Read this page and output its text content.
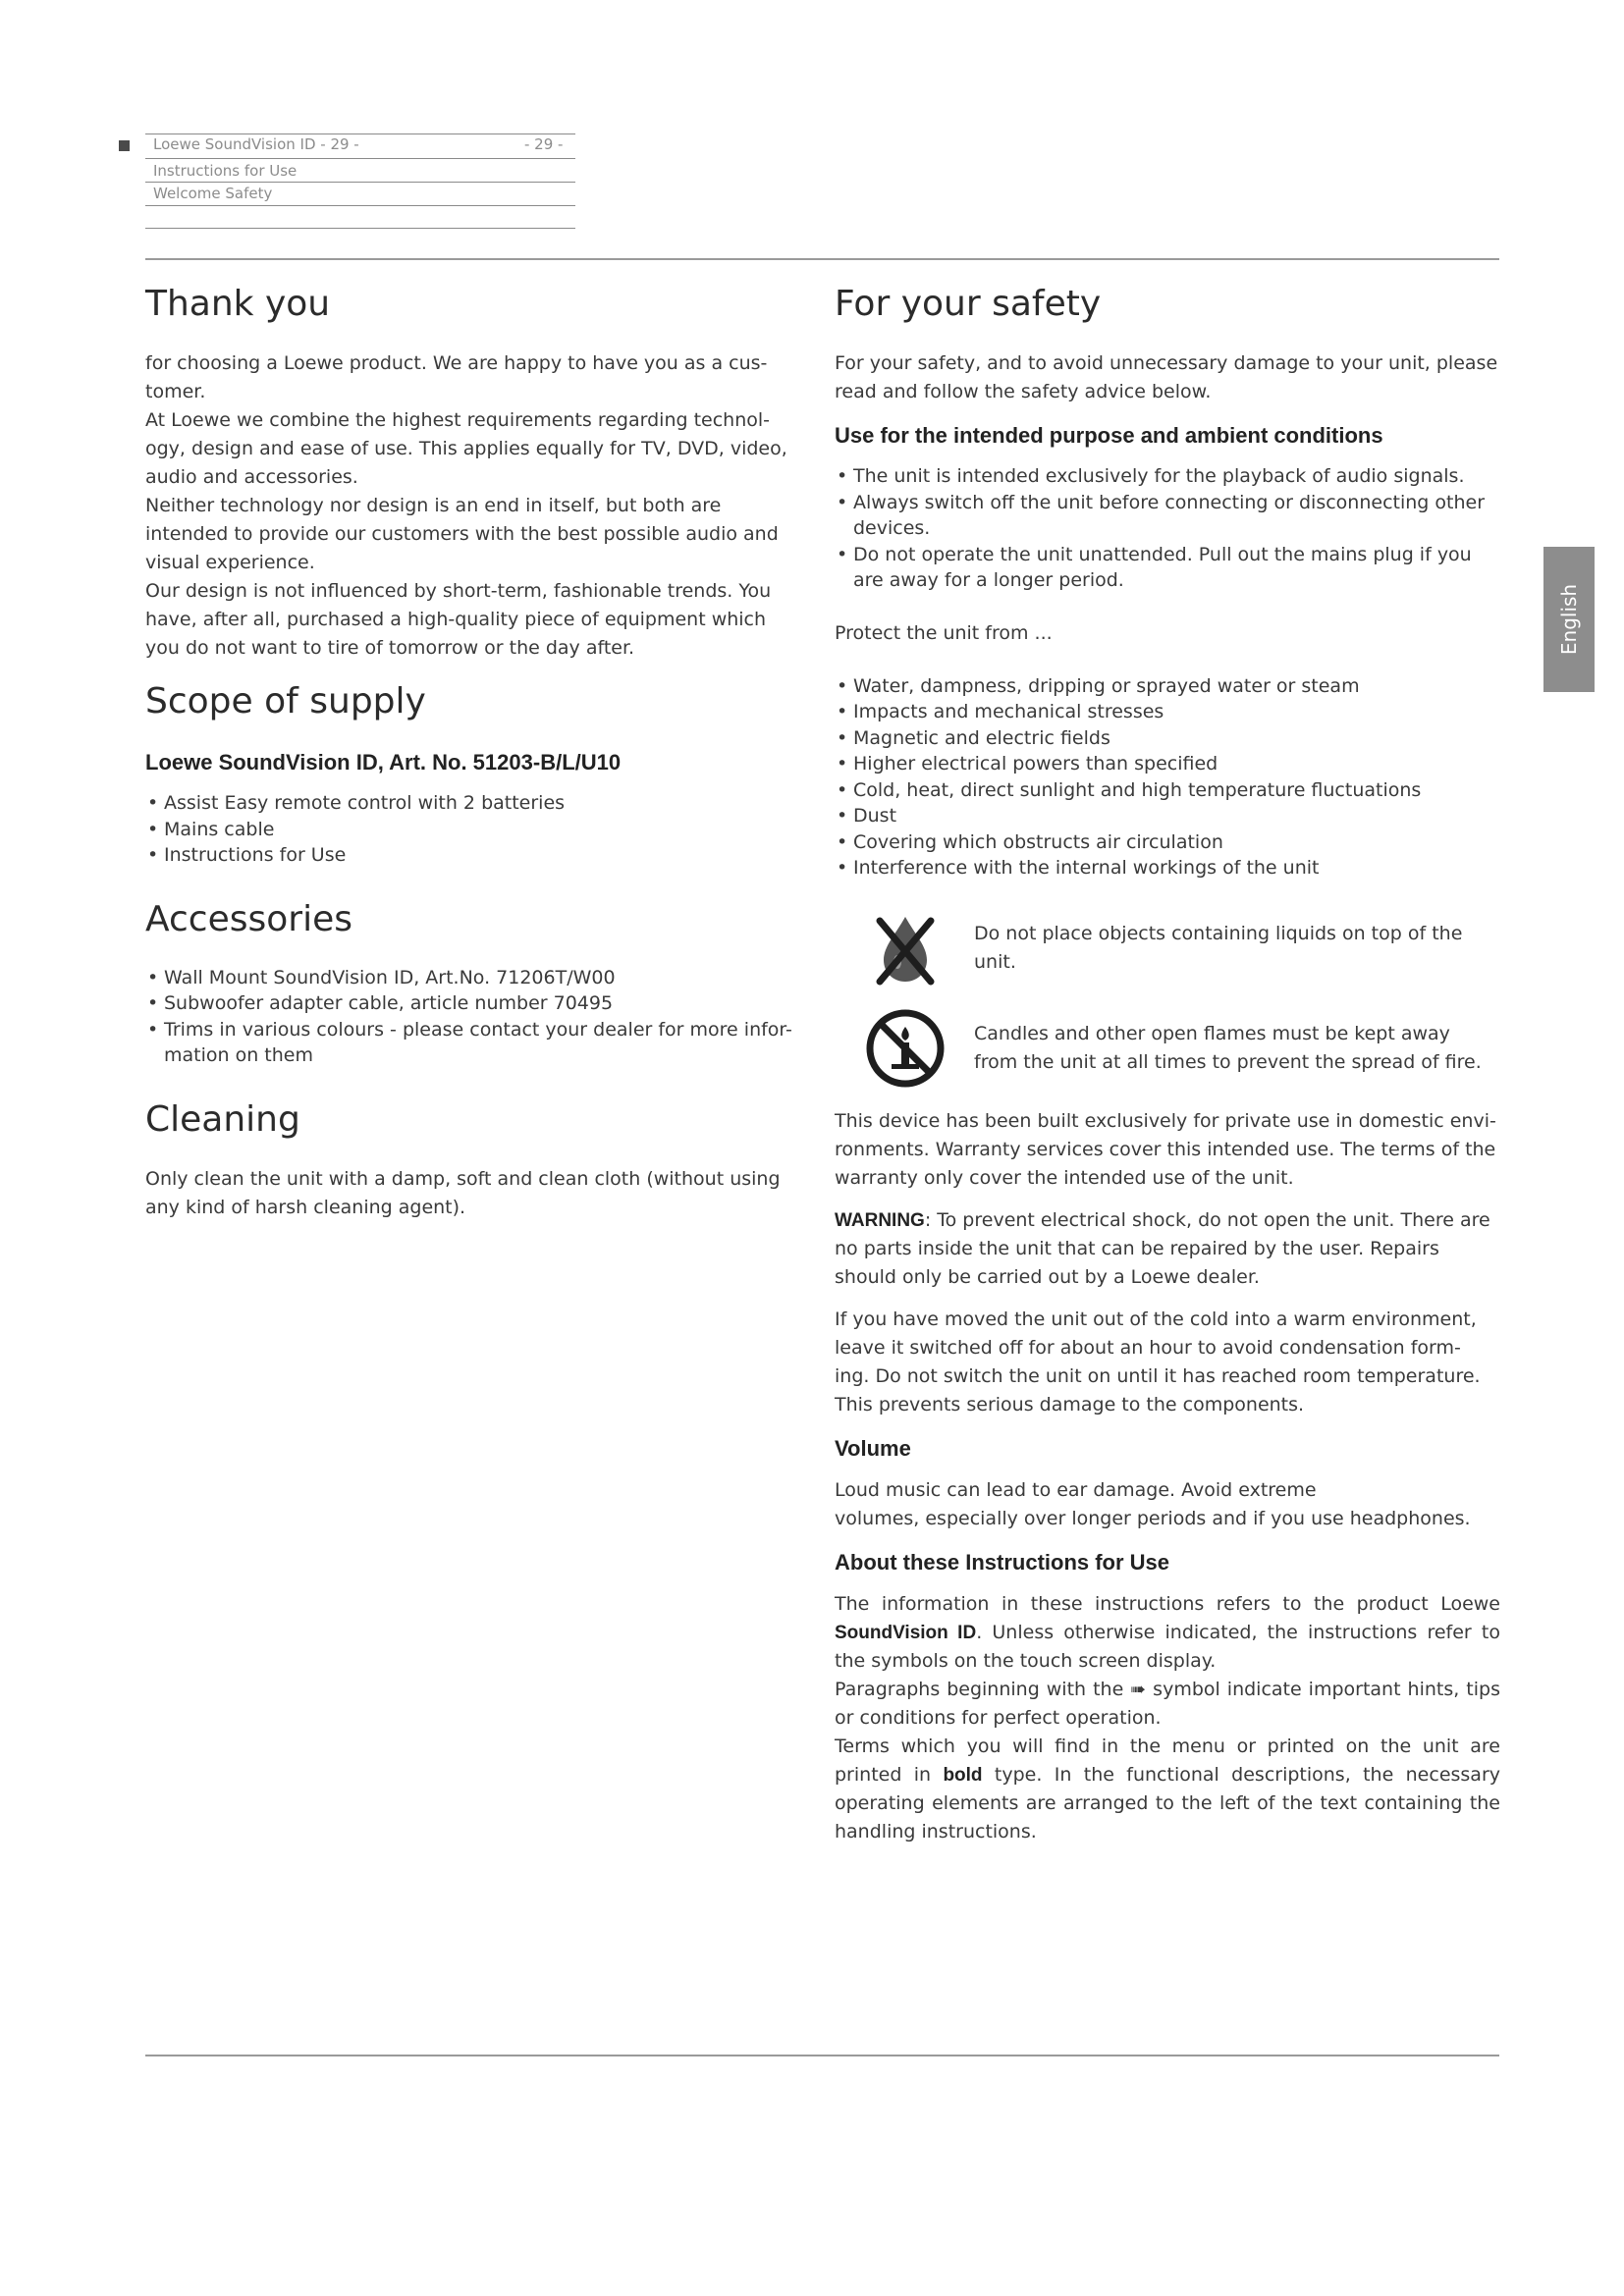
Loewe SoundVision ID - 29 -	- 29 -
Instructions for Use
Welcome Safety
English
Thank you

for choosing a Loewe product. We are happy to have you as a cus- tomer.

At Loewe we combine the highest requirements regarding technol- ogy, design and ease of use. This applies equally for TV, DVD, video, audio and accessories.

Neither technology nor design is an end in itself, but both are intended to provide our customers with the best possible audio and visual experience.

Our design is not influenced by short-term, fashionable trends. You have, after all, purchased a high-quality piece of equipment which you do not want to tire of tomorrow or the day after.

Scope of supply
Loewe SoundVision ID, Art. No. 51203-B/L/U10
• Assist Easy remote control with 2 batteries
• Mains cable
• Instructions for Use
Accessories
• Wall Mount SoundVision ID, Art.No. 71206T/W00
• Subwoofer adapter cable, article number 70495
• Trims in various colours - please contact your dealer for more infor- mation on them
Cleaning

Only clean the unit with a damp, soft and clean cloth (without using any kind of harsh cleaning agent).

For your safety

For your safety, and to avoid unnecessary damage to your unit, please read and follow the safety advice below.

Use for the intended purpose and ambient conditions
• The unit is intended exclusively for the playback of audio signals.
• Always switch off the unit before connecting or disconnecting other devices.
• Do not operate the unit unattended. Pull out the mains plug if you are away for a longer period.

Protect the unit from ...

• Water, dampness, dripping or sprayed water or steam
• Impacts and mechanical stresses
• Magnetic and electric fields
• Higher electrical powers than specified
• Cold, heat, direct sunlight and high temperature fluctuations
• Dust
• Covering which obstructs air circulation
• Interference with the internal workings of the unit

Do not place objects containing liquids on top of the unit.

Candles and other open flames must be kept away from the unit at all times to prevent the spread of fire.

This device has been built exclusively for private use in domestic envi- ronments. Warranty services cover this intended use. The terms of the warranty only cover the intended use of the unit.

WARNING: To prevent electrical shock, do not open the unit. There are no parts inside the unit that can be repaired by the user. Repairs should only be carried out by a Loewe dealer.

If you have moved the unit out of the cold into a warm environment, leave it switched off for about an hour to avoid condensation form- ing. Do not switch the unit on until it has reached room temperature. This prevents serious damage to the components.

Volume

Loud music can lead to ear damage. Avoid extreme

volumes, especially over longer periods and if you use headphones.

About these Instructions for Use

The information in these instructions refers to the product Loewe SoundVision ID. Unless otherwise indicated, the instructions refer to the symbols on the touch screen display.

Paragraphs beginning with the ➠ symbol indicate important hints, tips or conditions for perfect operation.

Terms which you will find in the menu or printed on the unit are printed in bold type. In the functional descriptions, the necessary operating elements are arranged to the left of the text containing the handling instructions.
